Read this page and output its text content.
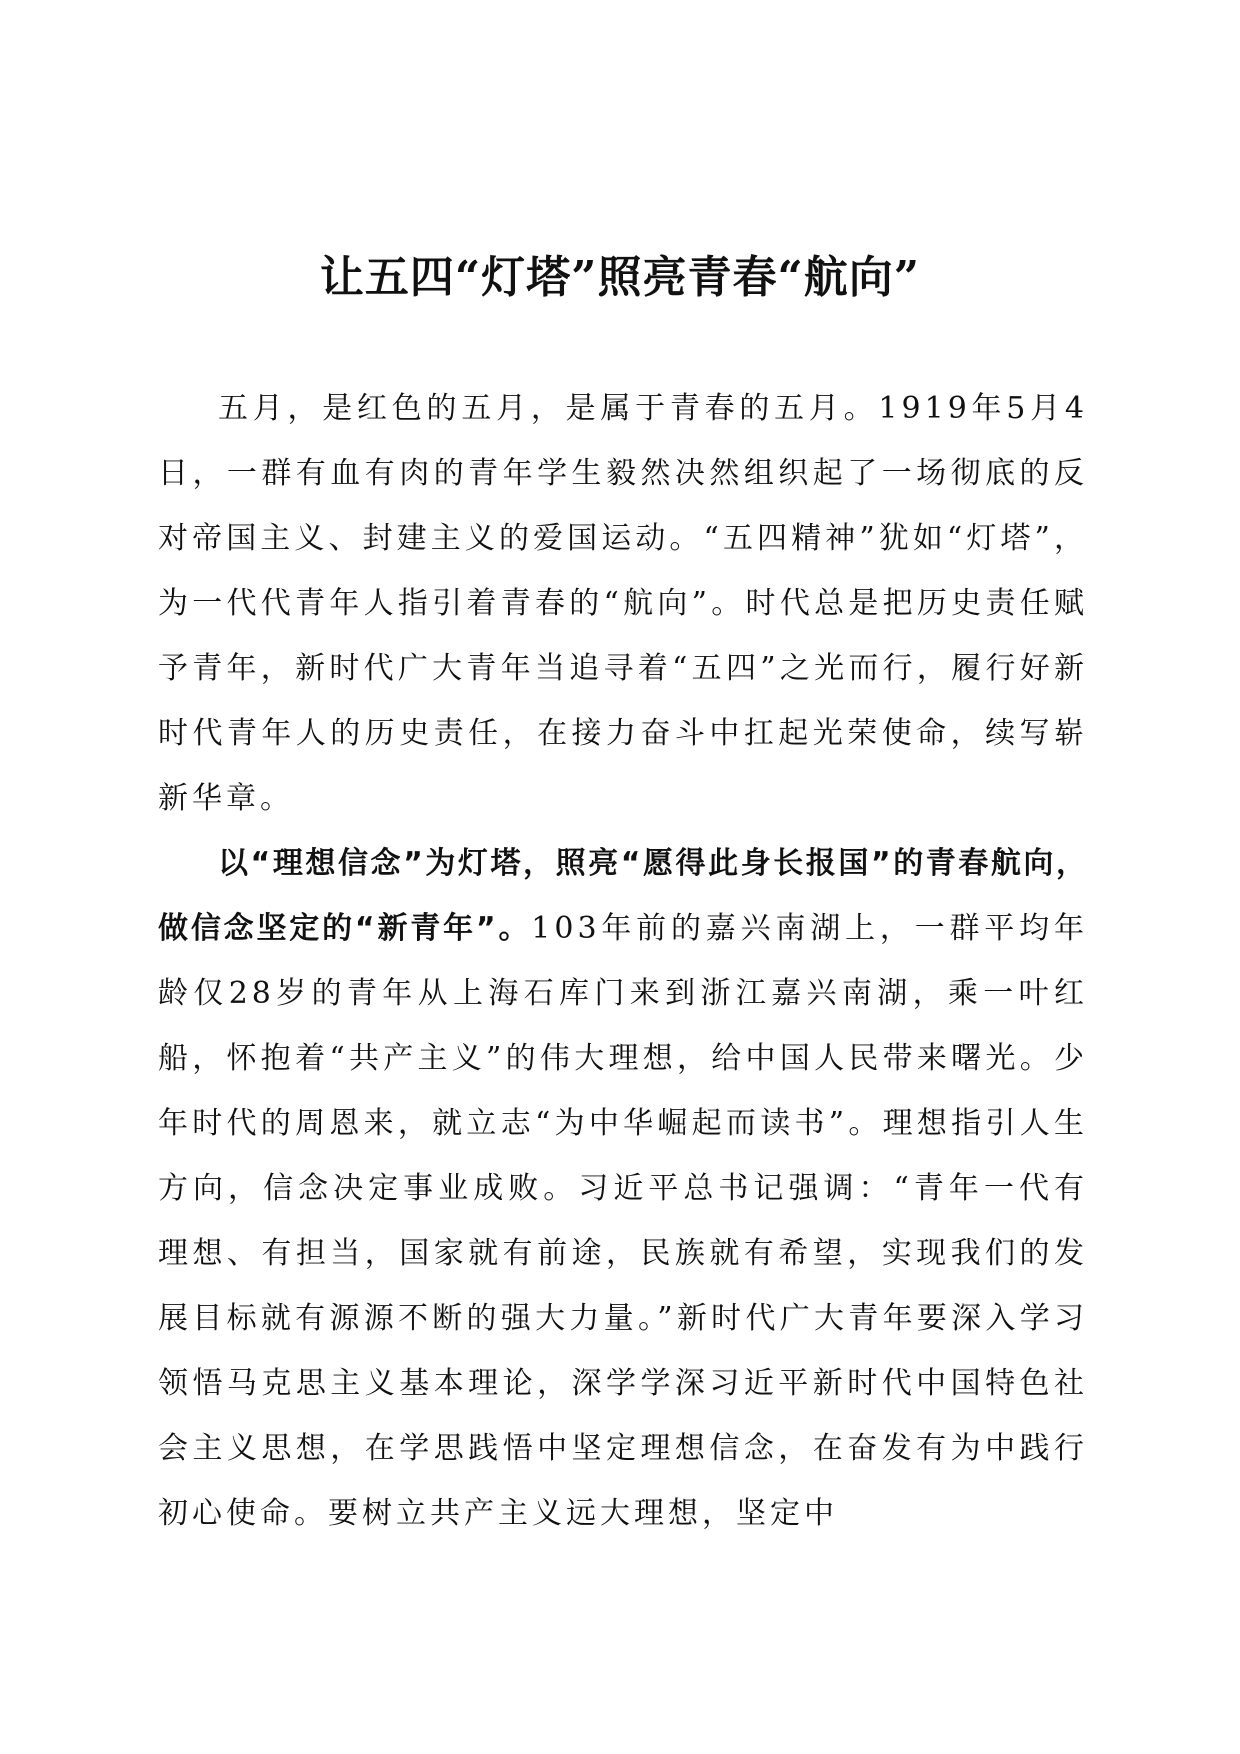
让五四“灯塔”照亮青春“航向”

五月，是红色的五月，是属于青春的五月。1919年5月4日，一群有血有肉的青年学生毅然决然组织起了一场彻底的反对帝国主义、封建主义的爱国运动。“五四精神”犹如“灯塔”，为一代代青年人指引着青春的“航向”。时代总是把历史责任赋予青年，新时代广大青年当追寻着“五四”之光而行，履行好新时代青年人的历史责任，在接力奋斗中扛起光荣使命，续写崭新华章。

以“理想信念”为灯塔，照亮“愿得此身长报国”的青春航向，做信念坚定的“新青年”。103年前的嘉兴南湖上，一群平均年龄仅28岁的青年从上海石库门来到浙江嘉兴南湖，乘一叶红船，怀抱着“共产主义”的伟大理想，给中国人民带来曙光。少年时代的周恩来，就立志“为中华崛起而读书”。理想指引人生方向，信念决定事业成败。习近平总书记强调：“青年一代有理想、有担当，国家就有前途，民族就有希望，实现我们的发展目标就有源源不断的强大力量。”新时代广大青年要深入学习领悟马克思主义基本理论，深学学深习近平新时代中国特色社会主义思想，在学思践悟中坚定理想信念，在奋发有为中践行初心使命。要树立共产主义远大理想，坚定中
